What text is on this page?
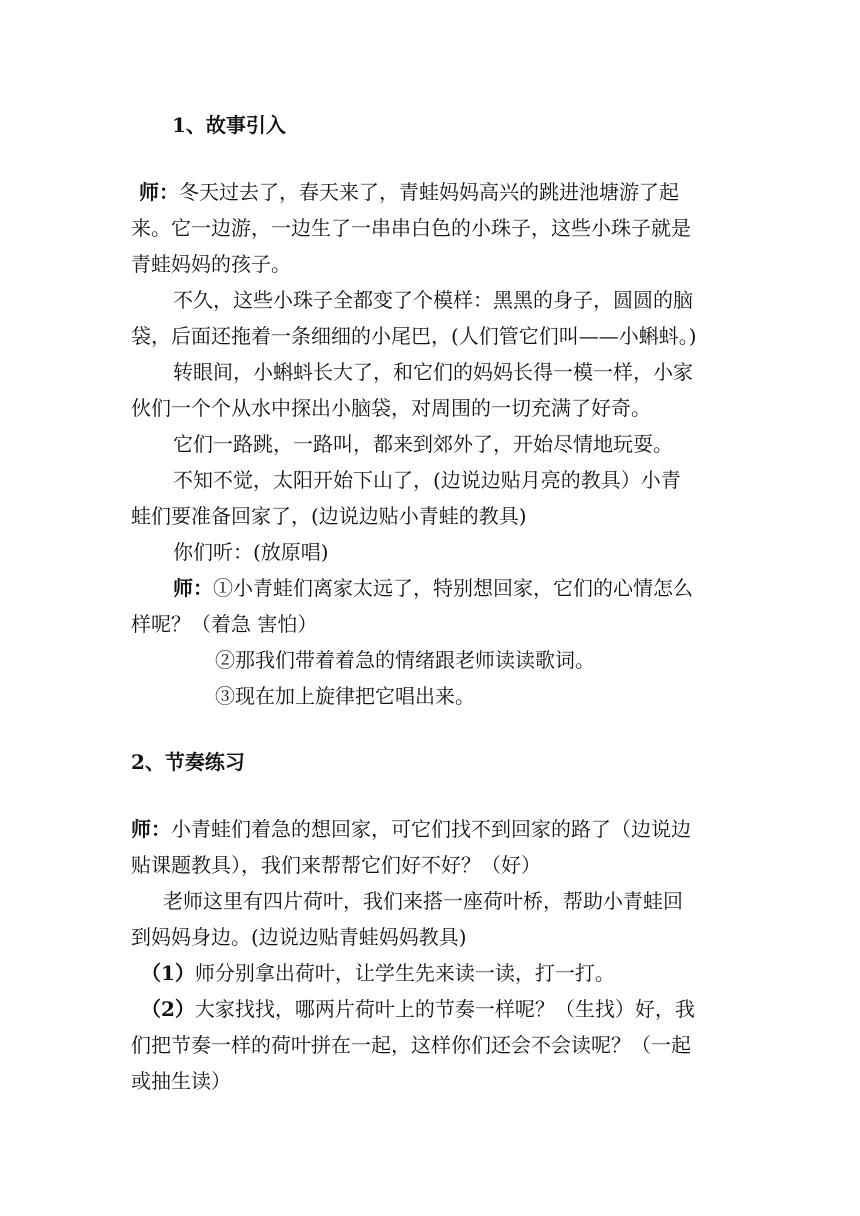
1、故事引入
师：冬天过去了，春天来了，青蛙妈妈高兴的跳进池塘游了起
来。它一边游，一边生了一串串白色的小珠子，这些小珠子就是
青蛙妈妈的孩子。
不久，这些小珠子全都变了个模样：黑黑的身子，圆圆的脑
袋，后面还拖着一条细细的小尾巴，(人们管它们叫——小蝌蚪。)
转眼间，小蝌蚪长大了，和它们的妈妈长得一模一样，小家
伙们一个个从水中探出小脑袋，对周围的一切充满了好奇。
它们一路跳，一路叫，都来到郊外了，开始尽情地玩耍。
不知不觉，太阳开始下山了，(边说边贴月亮的教具）小青
蛙们要准备回家了，(边说边贴小青蛙的教具)
你们听：(放原唱)
师：①小青蛙们离家太远了，特别想回家，它们的心情怎么
样呢？（着急 害怕）
②那我们带着着急的情绪跟老师读读歌词。
③现在加上旋律把它唱出来。
2、节奏练习
师：小青蛙们着急的想回家，可它们找不到回家的路了（边说边
贴课题教具），我们来帮帮它们好不好？（好）
老师这里有四片荷叶，我们来搭一座荷叶桥，帮助小青蛙回
到妈妈身边。(边说边贴青蛙妈妈教具)
（1）师分别拿出荷叶，让学生先来读一读，打一打。
（2）大家找找，哪两片荷叶上的节奏一样呢？（生找）好，我
们把节奏一样的荷叶拼在一起，这样你们还会不会读呢？（一起
或抽生读）
